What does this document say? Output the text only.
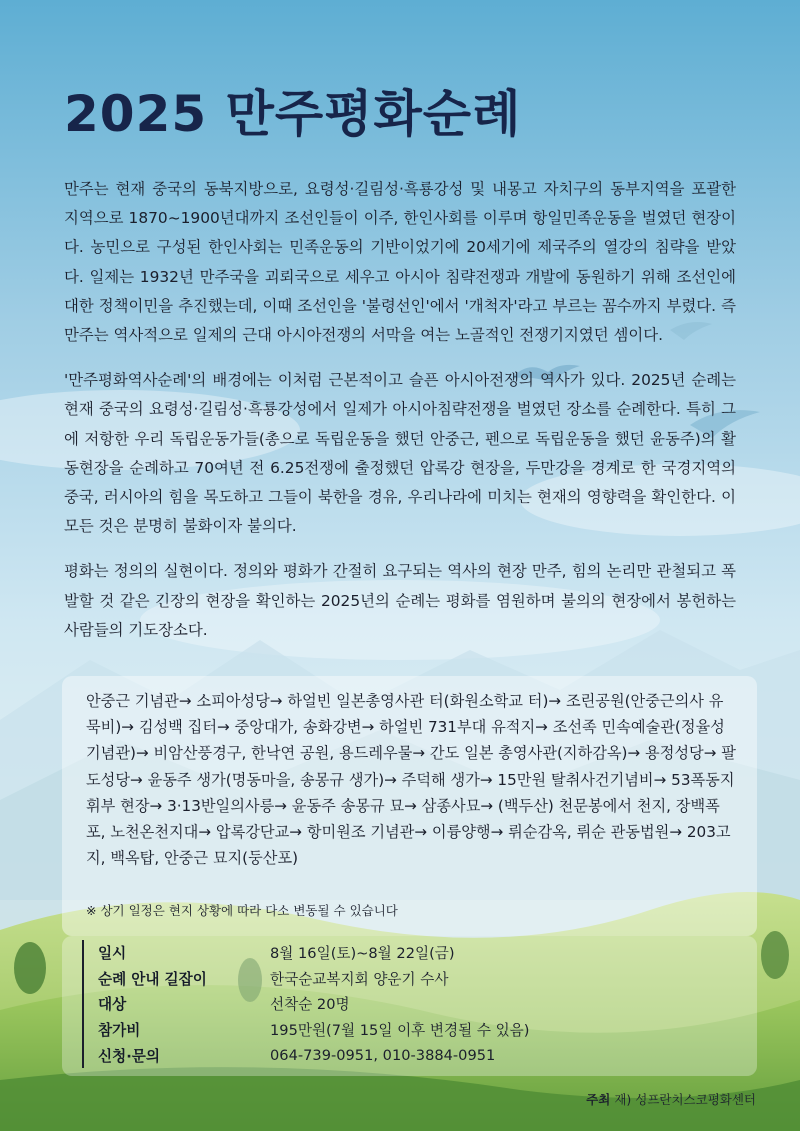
2025 만주평화순례

만주는 현재 중국의 동북지방으로, 요령성·길림성·흑룡강성 및 내몽고 자치구의 동부지역을 포괄한 지역으로 1870~1900년대까지 조선인들이 이주, 한인사회를 이루며 항일민족운동을 벌였던 현장이다. 농민으로 구성된 한인사회는 민족운동의 기반이었기에 20세기에 제국주의 열강의 침략을 받았다. 일제는 1932년 만주국을 괴뢰국으로 세우고 아시아 침략전쟁과 개발에 동원하기 위해 조선인에 대한 정책이민을 추진했는데, 이때 조선인을 '불령선인'에서 '개척자'라고 부르는 꼼수까지 부렸다. 즉 만주는 역사적으로 일제의 근대 아시아전쟁의 서막을 여는 노골적인 전쟁기지였던 셈이다.

'만주평화역사순례'의 배경에는 이처럼 근본적이고 슬픈 아시아전쟁의 역사가 있다. 2025년 순례는 현재 중국의 요령성·길림성·흑룡강성에서 일제가 아시아침략전쟁을 벌였던 장소를 순례한다. 특히 그에 저항한 우리 독립운동가들(총으로 독립운동을 했던 안중근, 펜으로 독립운동을 했던 윤동주)의 활동현장을 순례하고 70여년 전 6.25전쟁에 출정했던 압록강 현장을, 두만강을 경계로 한 국경지역의 중국, 러시아의 힘을 목도하고 그들이 북한을 경유, 우리나라에 미치는 현재의 영향력을 확인한다. 이 모든 것은 분명히 불화이자 불의다.

평화는 정의의 실현이다. 정의와 평화가 간절히 요구되는 역사의 현장 만주, 힘의 논리만 관철되고 폭발할 것 같은 긴장의 현장을 확인하는 2025년의 순례는 평화를 염원하며 불의의 현장에서 봉헌하는 사람들의 기도장소다.

안중근 기념관→ 소피아성당→ 하얼빈 일본총영사관 터(화원소학교 터)→ 조린공원(안중근의사 유묵비)→ 김성백 집터→ 중앙대가, 송화강변→ 하얼빈 731부대 유적지→ 조선족 민속예술관(정율성 기념관)→ 비암산풍경구, 한낙연 공원, 용드레우물→ 간도 일본 총영사관(지하감옥)→ 용정성당→ 팔도성당→ 윤동주 생가(명동마을, 송몽규 생가)→ 주덕해 생가→ 15만원 탈취사건기념비→ 53폭동지휘부 현장→ 3·13반일의사릉→ 윤동주 송몽규 묘→ 삼종사묘→ (백두산) 천문봉에서 천지, 장백폭포, 노천온천지대→ 압록강단교→ 항미원조 기념관→ 이륭양행→ 뤼순감옥, 뤼순 관동법원→ 203고지, 백옥탑, 안중근 묘지(둥산포)

※ 상기 일정은 현지 상황에 따라 다소 변동될 수 있습니다
일시	8월 16일(토)~8월 22일(금)
순례 안내 길잡이	한국순교복지회 양운기 수사
대상	선착순 20명
참가비	195만원(7월 15일 이후 변경될 수 있음)
신청·문의	064-739-0951, 010-3884-0951
주최 재) 성프란치스코평화센터
